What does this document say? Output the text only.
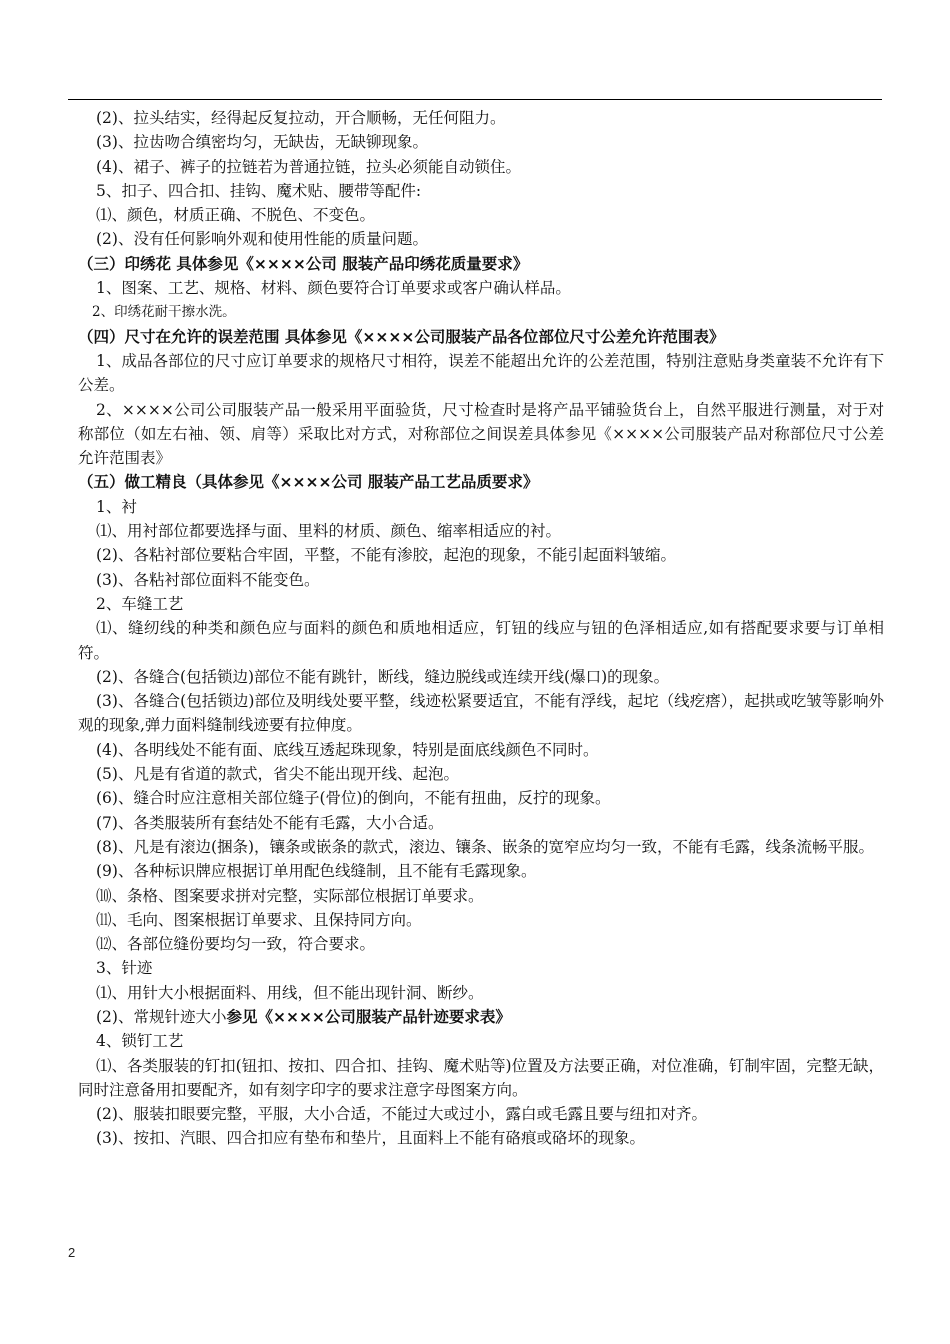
(2)、拉头结实，经得起反复拉动，开合顺畅，无任何阻力。
(3)、拉齿吻合缜密均匀，无缺齿，无缺铆现象。
(4)、裙子、裤子的拉链若为普通拉链，拉头必须能自动锁住。
5、扣子、四合扣、挂钩、魔术贴、腰带等配件:
⑴、颜色，材质正确、不脱色、不变色。
(2)、没有任何影响外观和使用性能的质量问题。
（三）印绣花 具体参见《××××公司 服装产品印绣花质量要求》
1、图案、工艺、规格、材料、颜色要符合订单要求或客户确认样品。
2、印绣花耐干擦水洗。
（四）尺寸在允许的误差范围 具体参见《××××公司服装产品各位部位尺寸公差允许范围表》
1、成品各部位的尺寸应订单要求的规格尺寸相符，误差不能超出允许的公差范围，特别注意贴身类童装不允许有下公差。
2、××××公司公司服装产品一般采用平面验货，尺寸检查时是将产品平铺验货台上，自然平服进行测量，对于对称部位（如左右袖、领、肩等）采取比对方式，对称部位之间误差具体参见《××××公司服装产品对称部位尺寸公差允许范围表》
（五）做工精良（具体参见《××××公司 服装产品工艺品质要求》
1、衬
⑴、用衬部位都要选择与面、里料的材质、颜色、缩率相适应的衬。
(2)、各粘衬部位要粘合牢固，平整，不能有渗胶，起泡的现象，不能引起面料皱缩。
(3)、各粘衬部位面料不能变色。
2、车缝工艺
⑴、缝纫线的种类和颜色应与面料的颜色和质地相适应，钉钮的线应与钮的色泽相适应,如有搭配要求要与订单相符。
(2)、各缝合(包括锁边)部位不能有跳针，断线，缝边脱线或连续开线(爆口)的现象。
(3)、各缝合(包括锁边)部位及明线处要平整，线迹松紧要适宜，不能有浮线，起坨（线疙瘩），起拱或吃皱等影响外观的现象,弹力面料缝制线迹要有拉伸度。
(4)、各明线处不能有面、底线互透起珠现象，特别是面底线颜色不同时。
(5)、凡是有省道的款式，省尖不能出现开线、起泡。
(6)、缝合时应注意相关部位缝子(骨位)的倒向，不能有扭曲，反拧的现象。
(7)、各类服装所有套结处不能有毛露，大小合适。
(8)、凡是有滚边(捆条)，镶条或嵌条的款式，滚边、镶条、嵌条的宽窄应均匀一致，不能有毛露，线条流畅平服。
(9)、各种标识牌应根据订单用配色线缝制，且不能有毛露现象。
⑽、条格、图案要求拼对完整，实际部位根据订单要求。
⑾、毛向、图案根据订单要求、且保持同方向。
⑿、各部位缝份要均匀一致，符合要求。
3、针迹
⑴、用针大小根据面料、用线，但不能出现针洞、断纱。
(2)、常规针迹大小参见《××××公司服装产品针迹要求表》
4、锁钉工艺
⑴、各类服装的钉扣(钮扣、按扣、四合扣、挂钩、魔术贴等)位置及方法要正确，对位准确，钉制牢固，完整无缺，同时注意备用扣要配齐，如有刻字印字的要求注意字母图案方向。
(2)、服装扣眼要完整，平服，大小合适，不能过大或过小，露白或毛露且要与纽扣对齐。
(3)、按扣、汽眼、四合扣应有垫布和垫片，且面料上不能有硌痕或硌坏的现象。
2
